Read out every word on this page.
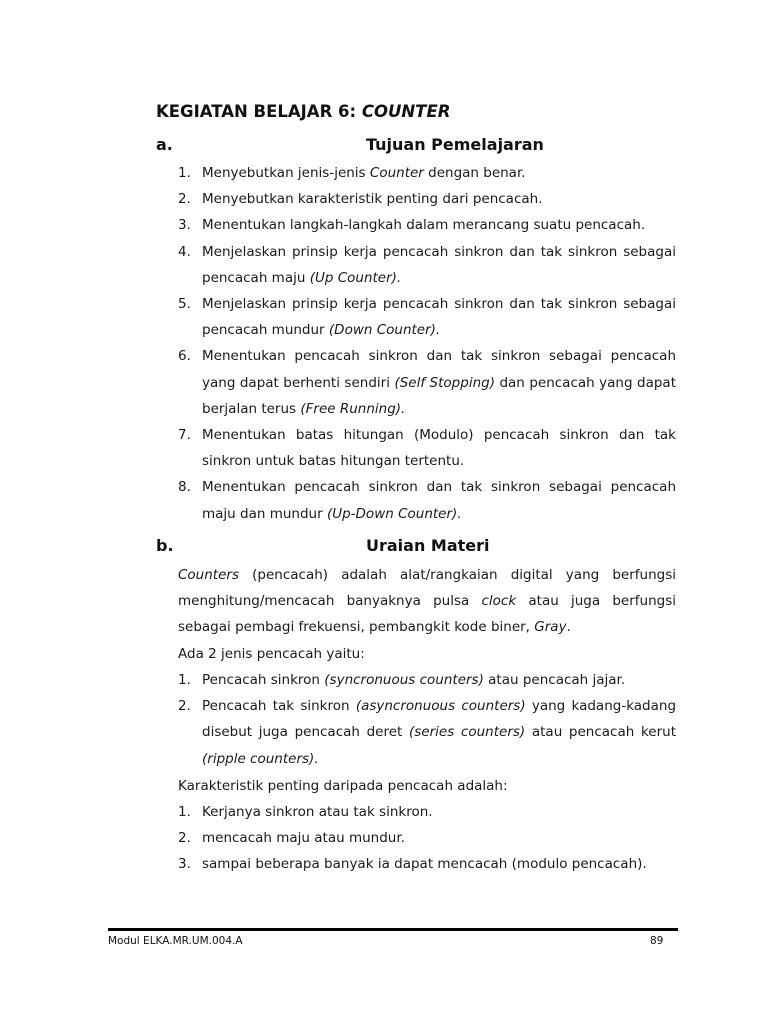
KEGIATAN BELAJAR 6: COUNTER
a.	Tujuan Pemelajaran
1. Menyebutkan jenis-jenis Counter dengan benar.
2. Menyebutkan karakteristik penting dari pencacah.
3. Menentukan langkah-langkah dalam merancang suatu pencacah.
4. Menjelaskan prinsip kerja pencacah sinkron dan tak sinkron sebagai pencacah maju (Up Counter).
5. Menjelaskan prinsip kerja pencacah sinkron dan tak sinkron sebagai pencacah mundur (Down Counter).
6. Menentukan pencacah sinkron dan tak sinkron sebagai pencacah yang dapat berhenti sendiri (Self Stopping) dan pencacah yang dapat berjalan terus (Free Running).
7. Menentukan batas hitungan (Modulo) pencacah sinkron dan tak sinkron untuk batas hitungan tertentu.
8. Menentukan pencacah sinkron dan tak sinkron sebagai pencacah maju dan mundur (Up-Down Counter).
b.	Uraian Materi

Counters (pencacah) adalah alat/rangkaian digital yang berfungsi menghitung/mencacah banyaknya pulsa clock atau juga berfungsi sebagai pembagi frekuensi, pembangkit kode biner, Gray.

Ada 2 jenis pencacah yaitu:

1. Pencacah sinkron (syncronuous counters) atau pencacah jajar.
2. Pencacah tak sinkron (asyncronuous counters) yang kadang-kadang disebut juga pencacah deret (series counters) atau pencacah kerut (ripple counters).

Karakteristik penting daripada pencacah adalah:

1. Kerjanya sinkron atau tak sinkron.
2. mencacah maju atau mundur.
3. sampai beberapa banyak ia dapat mencacah (modulo pencacah).
Modul ELKA.MR.UM.004.A	89
